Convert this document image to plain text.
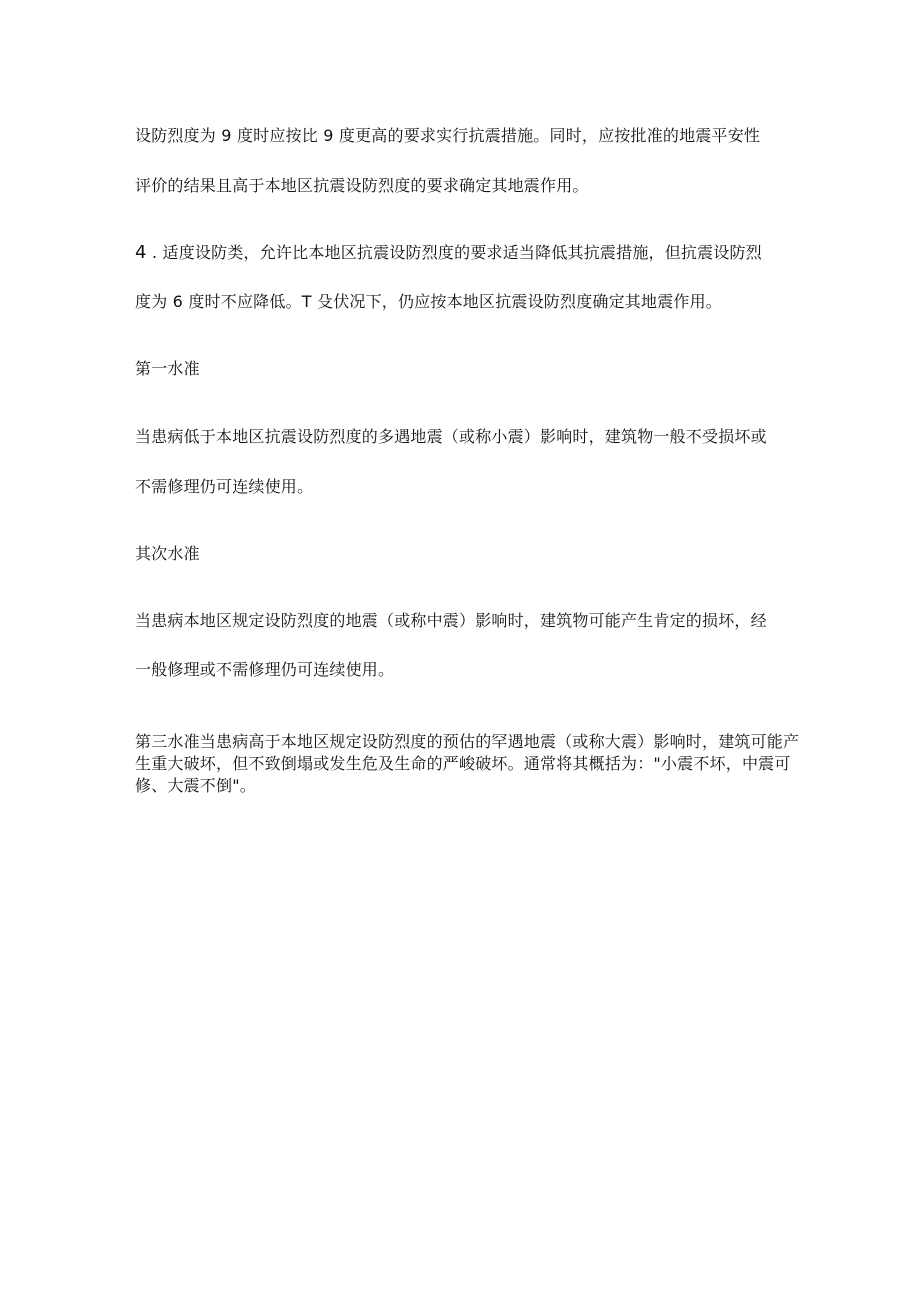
设防烈度为 9 度时应按比 9 度更高的要求实行抗震措施。同时，应按批准的地震平安性
评价的结果且高于本地区抗震设防烈度的要求确定其地震作用。
4 . 适度设防类，允许比本地区抗震设防烈度的要求适当降低其抗震措施，但抗震设防烈
度为 6 度时不应降低。T 殳伏况下，仍应按本地区抗震设防烈度确定其地震作用。
第一水准
当患病低于本地区抗震设防烈度的多遇地震（或称小震）影响时，建筑物一般不受损坏或
不需修理仍可连续使用。
其次水准
当患病本地区规定设防烈度的地震（或称中震）影响时，建筑物可能产生肯定的损坏，经
一般修理或不需修理仍可连续使用。
第三水准当患病高于本地区规定设防烈度的预估的罕遇地震（或称大震）影响时，建筑可能产生重大破坏，但不致倒塌或发生危及生命的严峻破坏。通常将其概括为："小震不坏，中震可修、大震不倒"。
